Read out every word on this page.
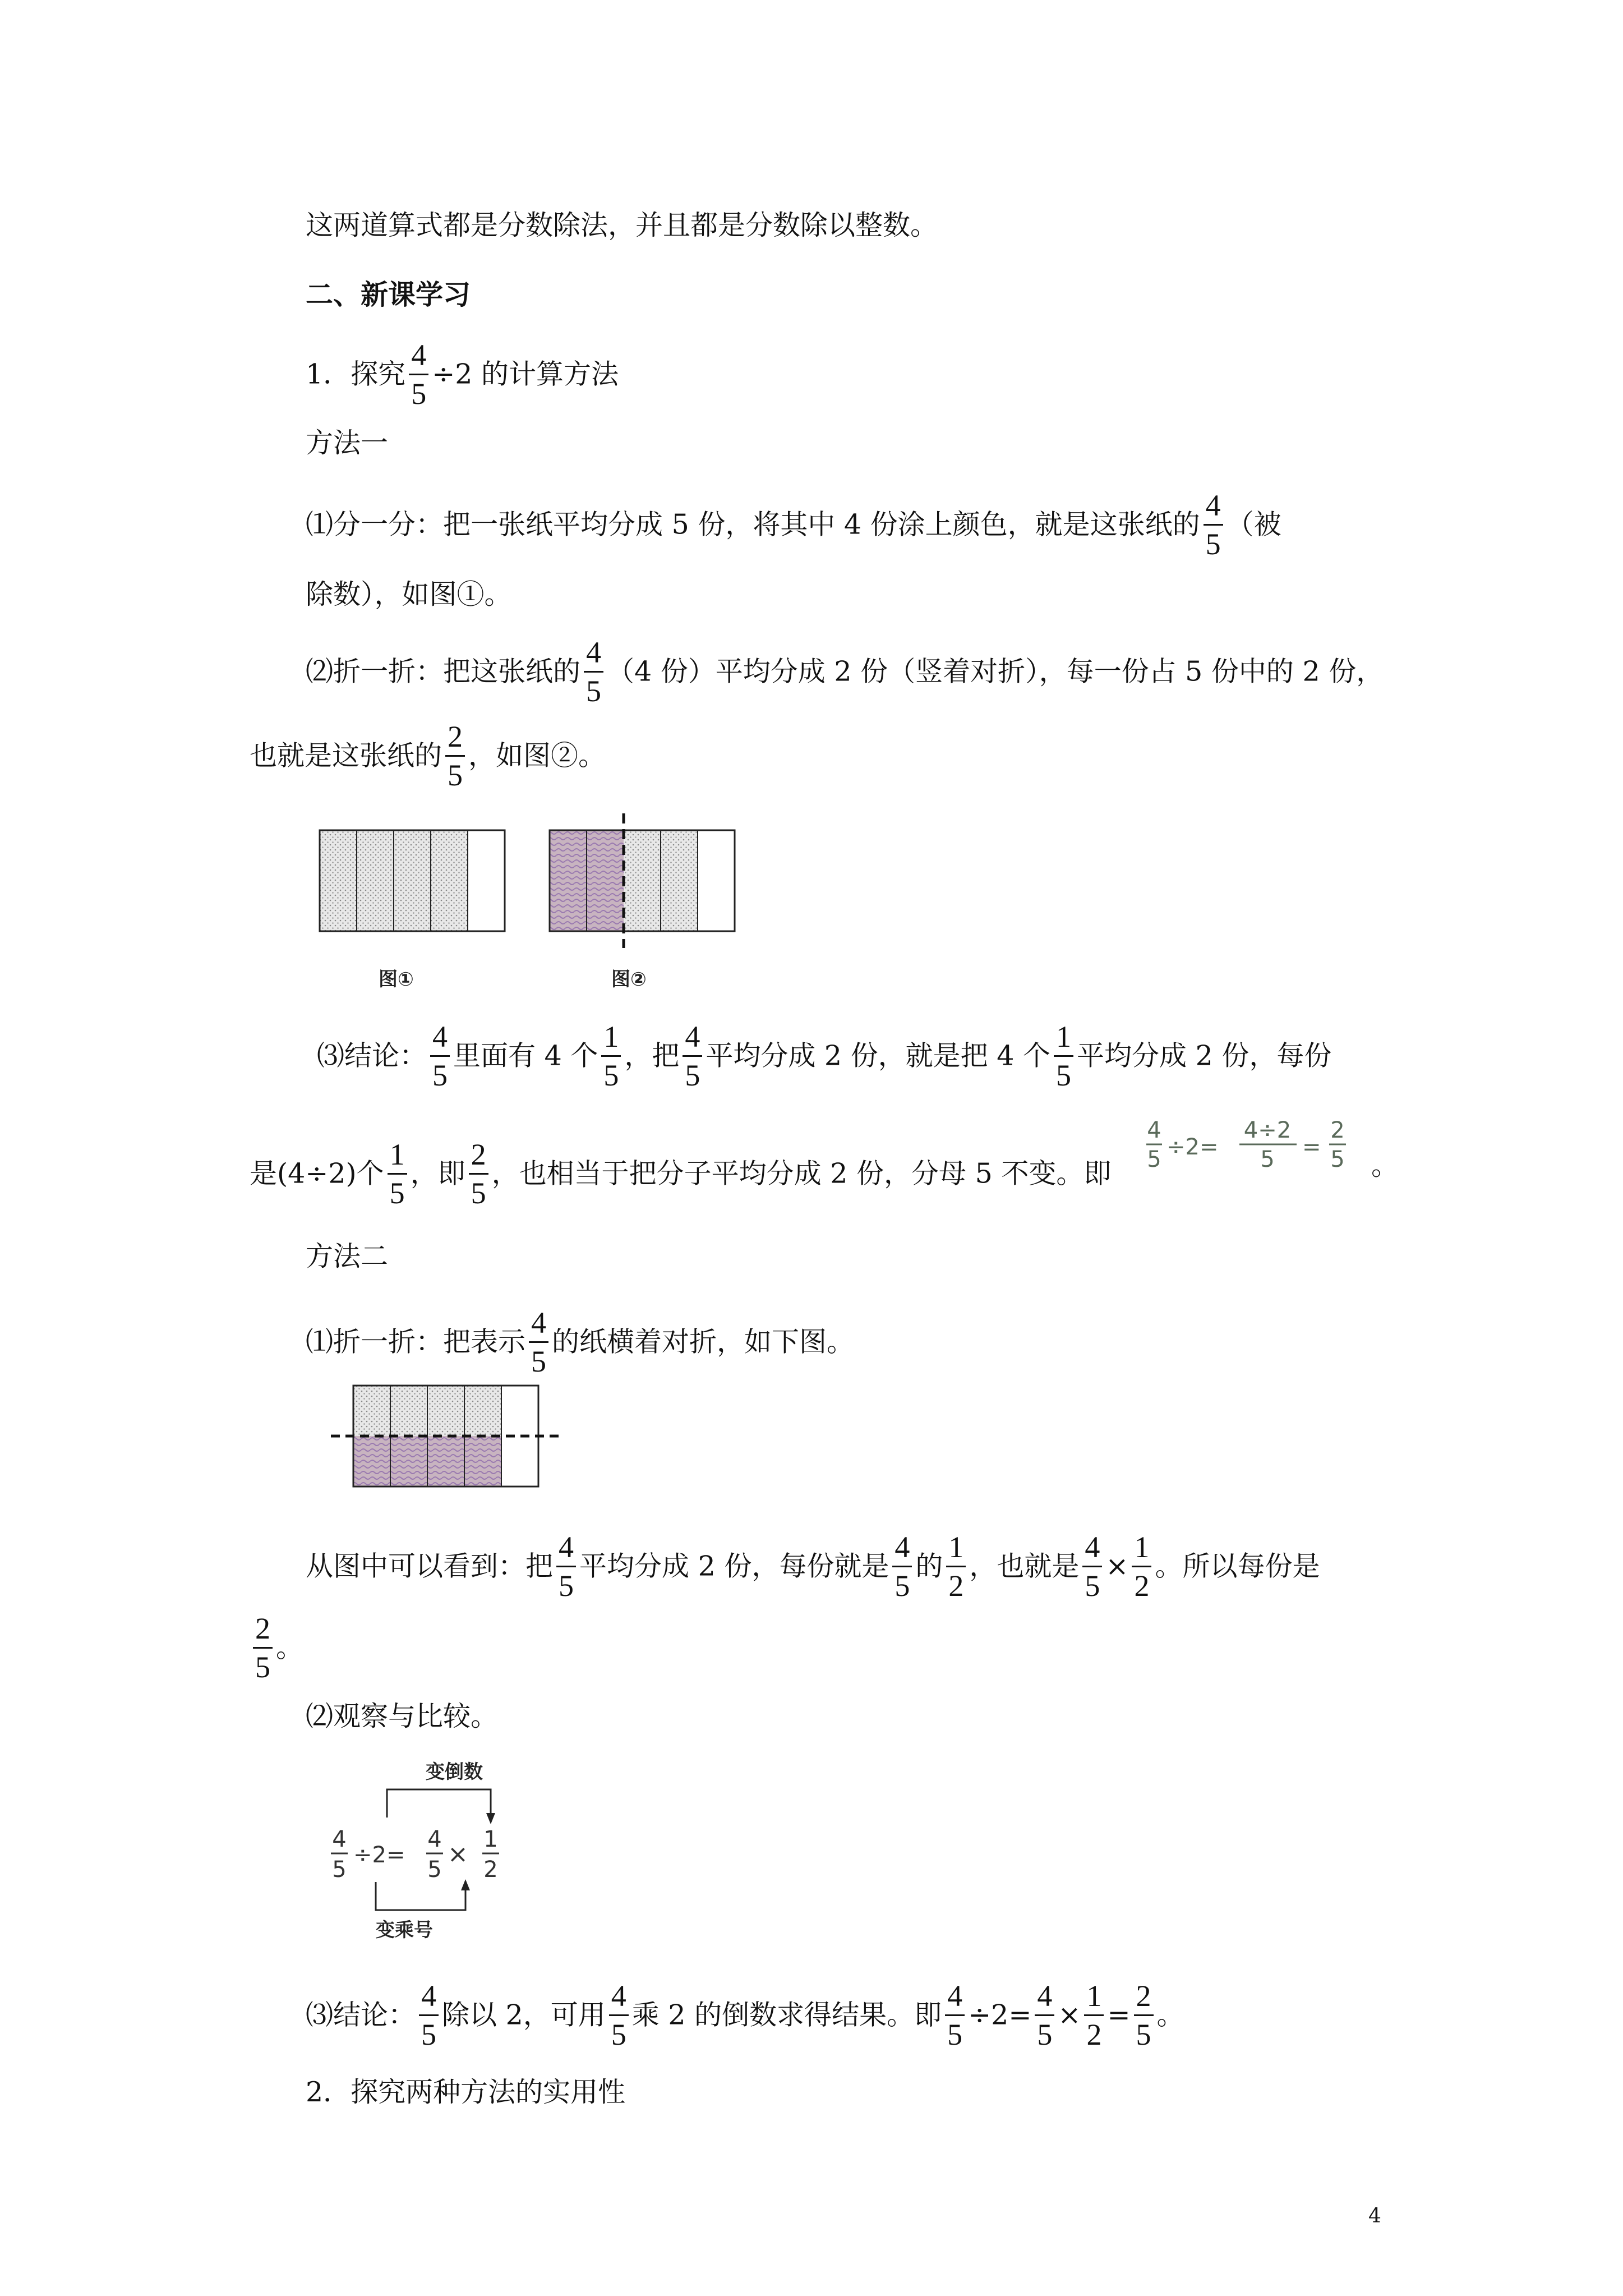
这两道算式都是分数除法，并且都是分数除以整数。
二、新课学习
1．探究 $\frac{4}{5} \div 2$ 的计算方法
方法一
⑴分一分：把一张纸平均分成 5 份，将其中 4 份涂上颜色，就是这张纸的 $\frac{4}{5}$ （被
除数），如图①。
⑵折一折：把这张纸的 $\frac{4}{5} (4$ 份）平均分成 2 份（竖着对折），每一份占 5 份中的 2 份，
也就是这张纸的 $\frac{2}{5}$ ，如图②。
图①	图②
⑶结论： $\frac{4}{5}$ 里面有 4 个 $\frac{1}{5}$ ，把 $\frac{4}{5}$ 平均分成 2 份，就是把 4 个 $\frac{1}{5}$ 平均分成 2 份，每份
是(4÷2)个 $\frac{1}{5}$ ，即 $\frac{2}{5}$ ，也相当于把分子平均分成 2 份，分母 5 不变。即
4
5 ÷2=
4÷2
5 =
2
5 。
方法二
⑴折一折：把表示 $\frac{4}{5}$ 的纸横着对折，如下图。
从图中可以看到：把 $\frac{4}{5}$ 平均分成 2 份，每份就是 $\frac{4}{5}$ 的 $\frac{1}{2}$ ，也就是 $\frac{4}{5} \times \frac{1}{2}$ 。所以每份是
$\frac{2}{5}$ 。
⑵观察与比较。
变倒数
4
5
÷2=
4
5
×
1
2
变乘号
⑶结论： $\frac{4}{5}$ 除以 2，可用 $\frac{4}{5}$ 乘 2 的倒数求得结果。即 $\frac{4}{5} \div 2= \frac{4}{5} \times \frac{1}{2} = \frac{2}{5}$ 。
2．探究两种方法的实用性
4
